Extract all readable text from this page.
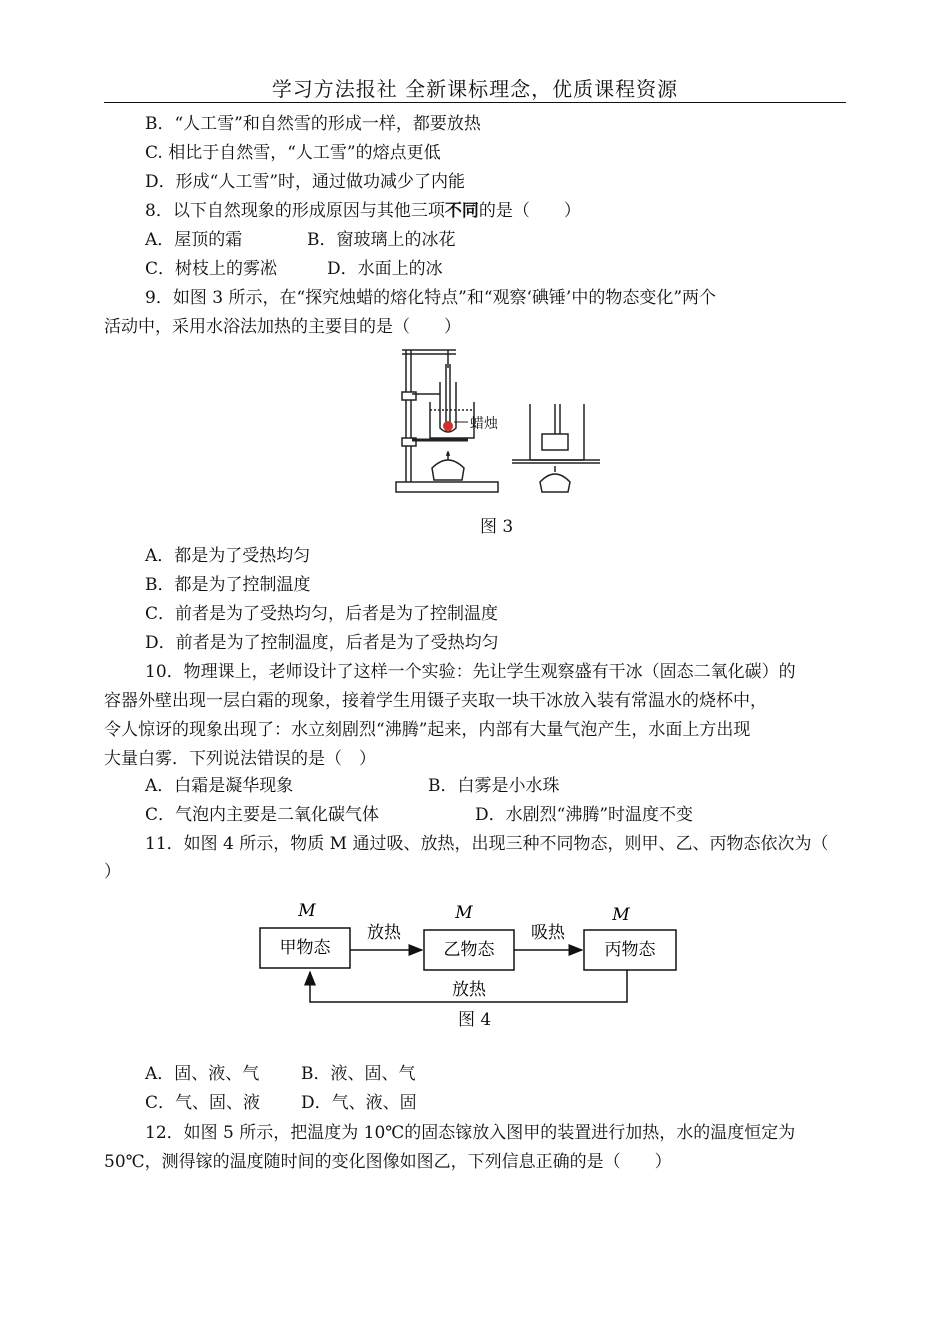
学习方法报社 全新课标理念，优质课程资源
B．“人工雪”和自然雪的形成一样，都要放热
C. 相比于自然雪，“人工雪”的熔点更低
D．形成“人工雪”时，通过做功减少了内能
8．以下自然现象的形成原因与其他三项不同的是（　　）
A．屋顶的霜	B．窗玻璃上的冰花
C．树枝上的雾凇	D．水面上的冰
9．如图 3 所示，在“探究烛蜡的熔化特点”和“观察‘碘锤’中的物态变化”两个
活动中，采用水浴法加热的主要目的是（　　）
蜡烛
图 3
A．都是为了受热均匀
B．都是为了控制温度
C．前者是为了受热均匀，后者是为了控制温度
D．前者是为了控制温度，后者是为了受热均匀
10．物理课上，老师设计了这样一个实验：先让学生观察盛有干冰（固态二氧化碳）的
容器外壁出现一层白霜的现象，接着学生用镊子夹取一块干冰放入装有常温水的烧杯中，
令人惊讶的现象出现了：水立刻剧烈“沸腾”起来，内部有大量气泡产生，水面上方出现
大量白雾．下列说法错误的是（　）
A．白霜是凝华现象	B．白雾是小水珠
C．气泡内主要是二氧化碳气体	D．水剧烈“沸腾”时温度不变
11．如图 4 所示，物质 M 通过吸、放热，出现三种不同物态，则甲、乙、丙物态依次为（
）
M	M	M
甲物态	乙物态	丙物态
放热	吸热
放热
图 4
A．固、液、气 B．液、固、气
C．气、固、液 D．气、液、固
12．如图 5 所示，把温度为 10℃的固态镓放入图甲的装置进行加热，水的温度恒定为
50℃，测得镓的温度随时间的变化图像如图乙，下列信息正确的是（　　）
